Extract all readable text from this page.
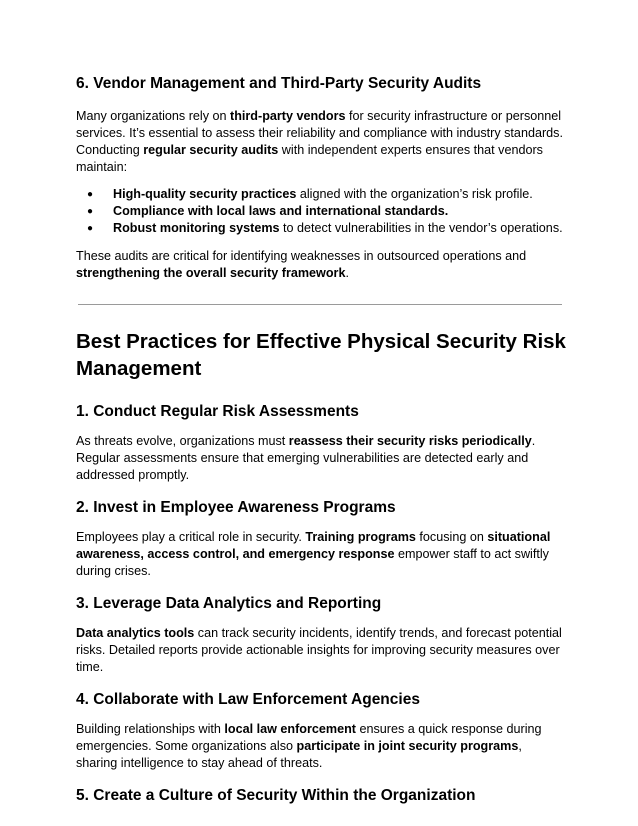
6. Vendor Management and Third-Party Security Audits

Many organizations rely on third-party vendors for security infrastructure or personnel services. It’s essential to assess their reliability and compliance with industry standards. Conducting regular security audits with independent experts ensures that vendors maintain:

● High-quality security practices aligned with the organization’s risk profile.
● Compliance with local laws and international standards.
● Robust monitoring systems to detect vulnerabilities in the vendor’s operations.

These audits are critical for identifying weaknesses in outsourced operations and strengthening the overall security framework.

Best Practices for Effective Physical Security Risk Management
1. Conduct Regular Risk Assessments

As threats evolve, organizations must reassess their security risks periodically. Regular assessments ensure that emerging vulnerabilities are detected early and addressed promptly.

2. Invest in Employee Awareness Programs

Employees play a critical role in security. Training programs focusing on situational awareness, access control, and emergency response empower staff to act swiftly during crises.

3. Leverage Data Analytics and Reporting

Data analytics tools can track security incidents, identify trends, and forecast potential risks. Detailed reports provide actionable insights for improving security measures over time.

4. Collaborate with Law Enforcement Agencies

Building relationships with local law enforcement ensures a quick response during emergencies. Some organizations also participate in joint security programs, sharing intelligence to stay ahead of threats.

5. Create a Culture of Security Within the Organization
